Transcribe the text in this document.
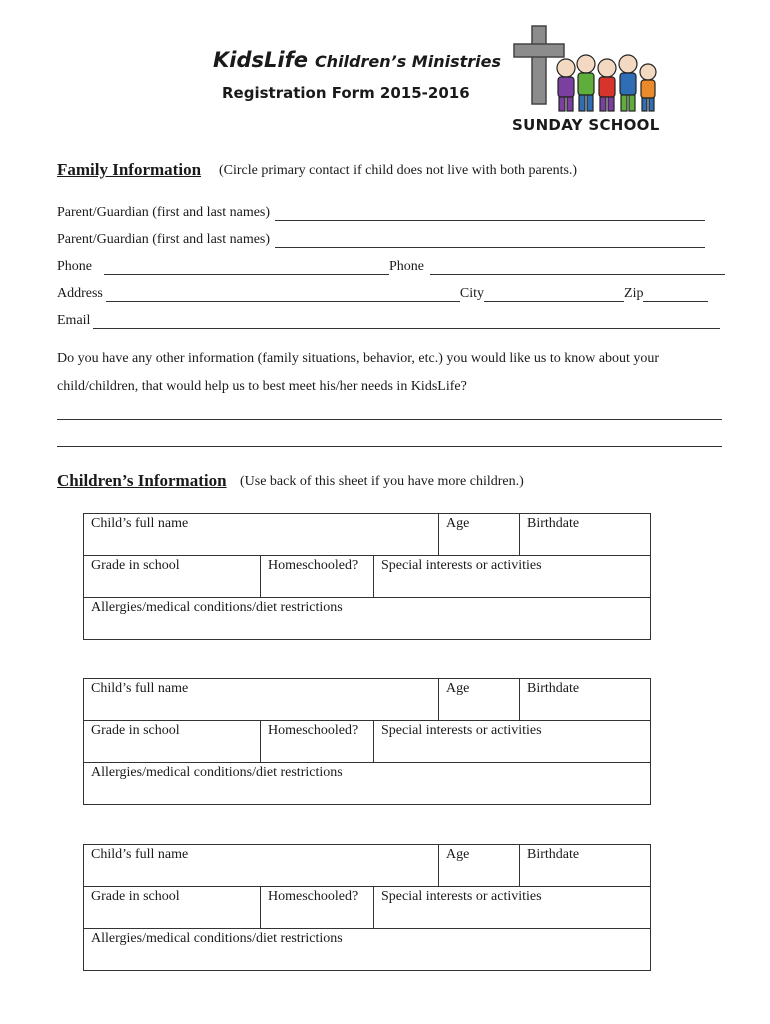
KidsLife Children’s Ministries
Registration Form 2015-2016
SUNDAY SCHOOL
Family Information (Circle primary contact if child does not live with both parents.)
Parent/Guardian (first and last names)
Parent/Guardian (first and last names)
Phone	Phone
Address	City	Zip
Email
Do you have any other information (family situations, behavior, etc.) you would like us to know about your
child/children, that would help us to best meet his/her needs in KidsLife?
Children’s Information (Use back of this sheet if you have more children.)
Child’s full name			Age	Birthdate

Grade in school	Homeschooled?	Special interests or activities		

Allergies/medical conditions/diet restrictions				
Child’s full name			Age	Birthdate

Grade in school	Homeschooled?	Special interests or activities		

Allergies/medical conditions/diet restrictions				
Child’s full name			Age	Birthdate

Grade in school	Homeschooled?	Special interests or activities		

Allergies/medical conditions/diet restrictions				
